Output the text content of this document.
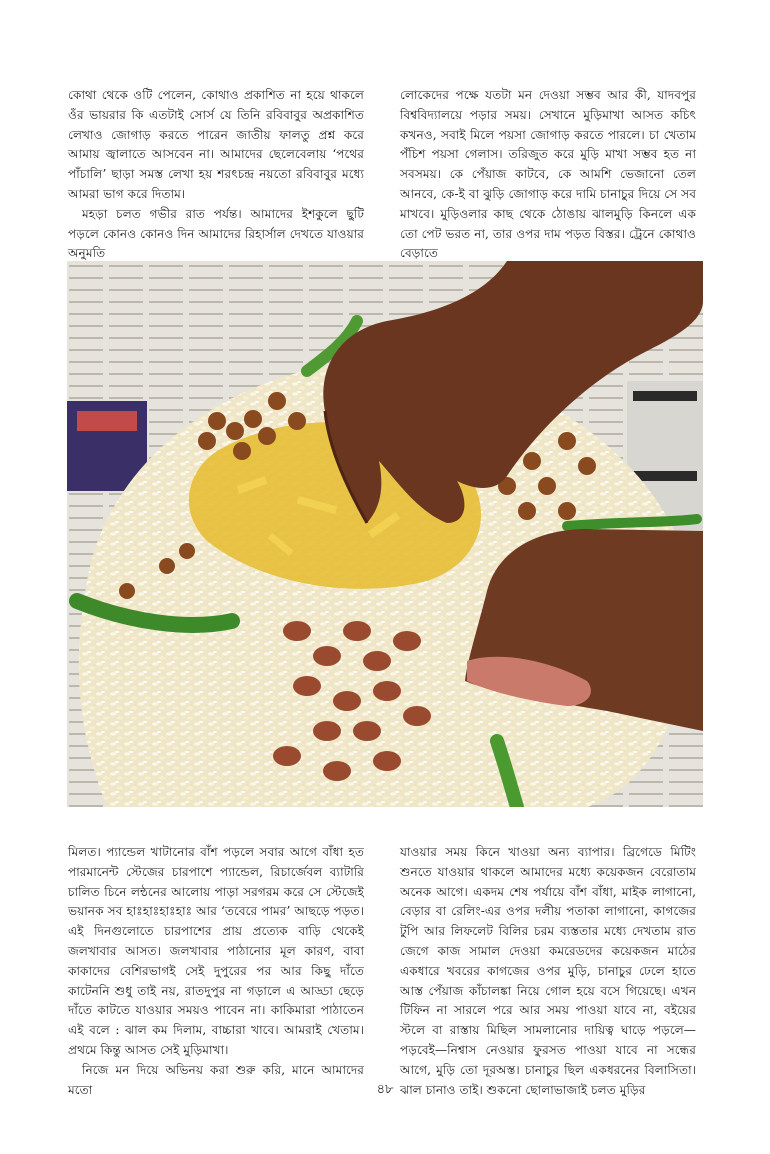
কোথা থেকে ওটি পেলেন, কোথাও প্রকাশিত না হয়ে থাকলে ওঁর ভায়রার কি এতটাই সোর্স যে তিনি রবিবাবুর অপ্রকাশিত লেখাও জোগাড় করতে পারেন জাতীয় ফালতু প্রশ্ন করে আমায় জ্বালাতে আসবেন না। আমাদের ছেলেবেলায় ‘পথের পাঁচালি’ ছাড়া সমস্ত লেখা হয় শরৎচন্দ্র নয়তো রবিবাবুর মধ্যে আমরা ভাগ করে দিতাম।

মহড়া চলত গভীর রাত পর্যন্ত। আমাদের ইশকুলে ছুটি পড়লে কোনও কোনও দিন আমাদের রিহার্সাল দেখতে যাওয়ার অনুমতি

লোকেদের পক্ষে যতটা মন দেওয়া সম্ভব আর কী, যাদবপুর বিশ্ববিদ্যালয়ে পড়ার সময়। সেখানে মুড়িমাখা আসত কচিৎ কখনও, সবাই মিলে পয়সা জোগাড় করতে পারলে। চা খেতাম পঁচিশ পয়সা গেলাস। তরিজুত করে মুড়ি মাখা সম্ভব হত না সবসময়। কে পেঁয়াজ কাটবে, কে আমশি ভেজানো তেল আনবে, কে-ই বা ঝুড়ি জোগাড় করে দামি চানাচুর দিয়ে সে সব মাখবে। মুড়িওলার কাছ থেকে ঠোঙায় ঝালমুড়ি কিনলে এক তো পেট ভরত না, তার ওপর দাম পড়ত বিস্তর। ট্রেনে কোথাও বেড়াতে

মিলত। প্যান্ডেল খাটানোর বাঁশ পড়লে সবার আগে বাঁধা হত পারমানেন্ট স্টেজের চারপাশে প্যান্ডেল, রিচার্জেবল ব্যাটারি চালিত চিনে লন্ঠনের আলোয় পাড়া সরগরম করে সে স্টেজেই ভয়ানক সব হাঃহাঃহাঃহাঃ আর ‘তবেরে পামর’ আছড়ে পড়ত। এই দিনগুলোতে চারপাশের প্রায় প্রত্যেক বাড়ি থেকেই জলখাবার আসত। জলখাবার পাঠানোর মূল কারণ, বাবা কাকাদের বেশিরভাগই সেই দুপুরের পর আর কিছু দাঁতে কাটেননি শুধু তাই নয়, রাতদুপুর না গড়ালে এ আড্ডা ছেড়ে দাঁতে কাটতে যাওয়ার সময়ও পাবেন না। কাকিমারা পাঠাতেন এই বলে : ঝাল কম দিলাম, বাচ্চারা খাবে। আমরাই খেতাম। প্রথমে কিন্তু আসত সেই মুড়িমাখা।

নিজে মন দিয়ে অভিনয় করা শুরু করি, মানে আমাদের মতো

যাওয়ার সময় কিনে খাওয়া অন্য ব্যাপার। ব্রিগেডে মিটিং শুনতে যাওয়ার থাকলে আমাদের মধ্যে কয়েকজন বেরোতাম অনেক আগে। একদম শেষ পর্যায়ে বাঁশ বাঁধা, মাইক লাগানো, বেড়ার বা রেলিং-এর ওপর দলীয় পতাকা লাগানো, কাগজের টুপি আর লিফলেট বিলির চরম ব্যস্ততার মধ্যে দেখতাম রাত জেগে কাজ সামাল দেওয়া কমরেডদের কয়েকজন মাঠের একধারে খবরের কাগজের ওপর মুড়ি, চানাচুর ঢেলে হাতে আস্ত পেঁয়াজ কাঁচালঙ্কা নিয়ে গোল হয়ে বসে গিয়েছে। এখন টিফিন না সারলে পরে আর সময় পাওয়া যাবে না, বইয়ের স্টলে বা রাস্তায় মিছিল সামলানোর দায়িত্ব ঘাড়ে পড়লে—পড়বেই—নিশ্বাস নেওয়ার ফুরসত পাওয়া যাবে না সন্ধের আগে, মুড়ি তো দূরঅস্ত। চানাচুর ছিল একধরনের বিলাসিতা। ঝাল চানাও তাই। শুকনো ছোলাভাজাই চলত মুড়ির

৪৮
